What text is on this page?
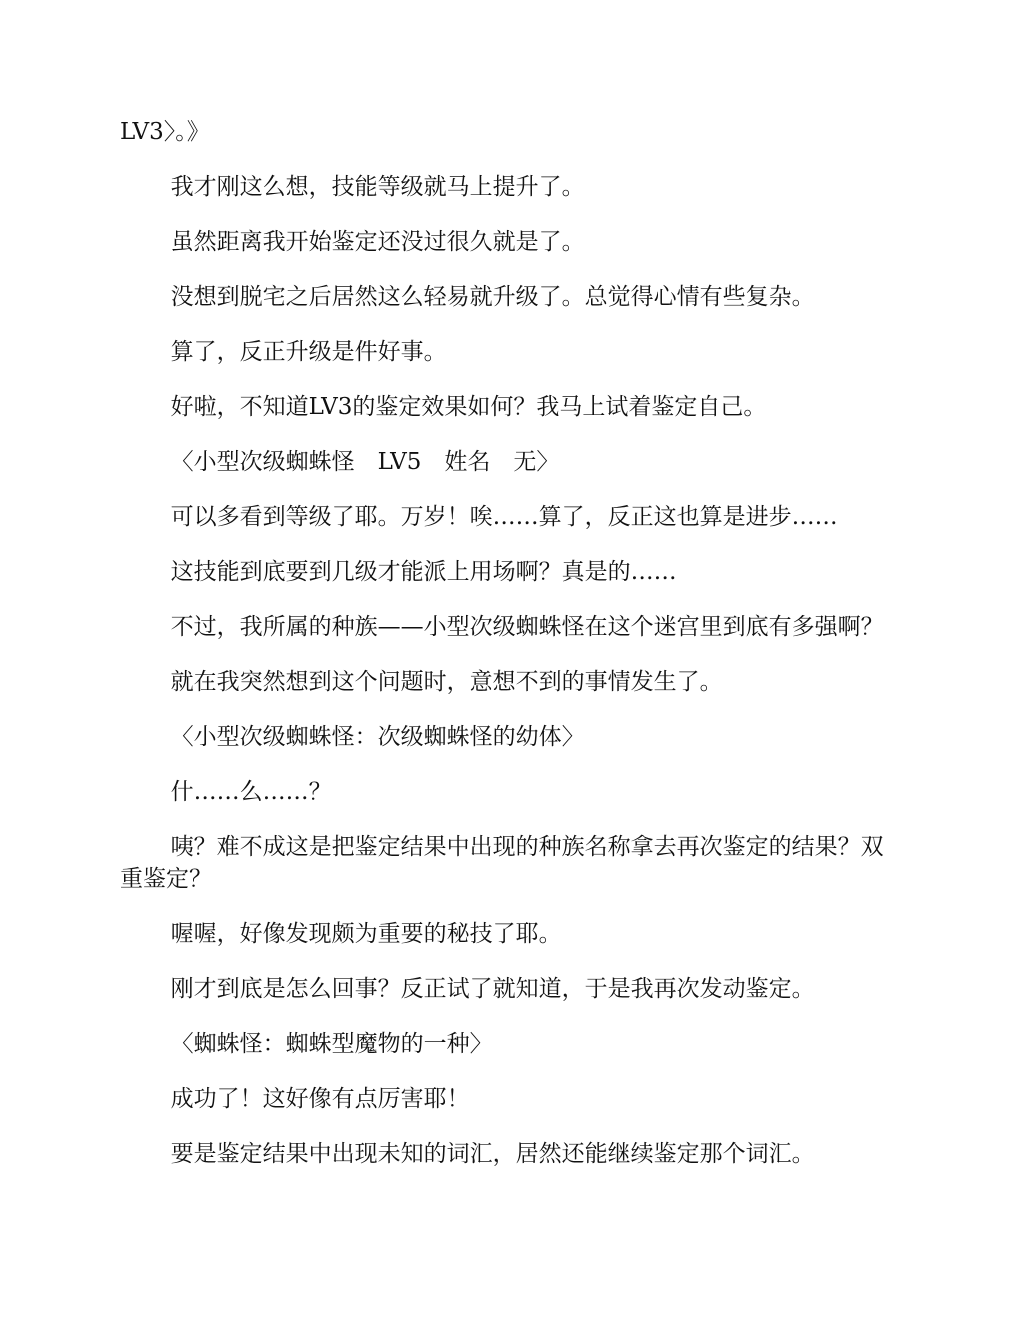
LV3〉。》

我才刚这么想，技能等级就马上提升了。

虽然距离我开始鉴定还没过很久就是了。

没想到脱宅之后居然这么轻易就升级了。总觉得心情有些复杂。

算了，反正升级是件好事。

好啦，不知道LV3的鉴定效果如何？我马上试着鉴定自己。

〈小型次级蜘蛛怪　LV5　姓名　无〉

可以多看到等级了耶。万岁！唉……算了，反正这也算是进步……

这技能到底要到几级才能派上用场啊？真是的……

不过，我所属的种族——小型次级蜘蛛怪在这个迷宫里到底有多强啊？

就在我突然想到这个问题时，意想不到的事情发生了。

〈小型次级蜘蛛怪：次级蜘蛛怪的幼体〉

什……么……？

咦？难不成这是把鉴定结果中出现的种族名称拿去再次鉴定的结果？双重鉴定？

喔喔，好像发现颇为重要的秘技了耶。

刚才到底是怎么回事？反正试了就知道，于是我再次发动鉴定。

〈蜘蛛怪：蜘蛛型魔物的一种〉

成功了！这好像有点厉害耶！

要是鉴定结果中出现未知的词汇，居然还能继续鉴定那个词汇。
